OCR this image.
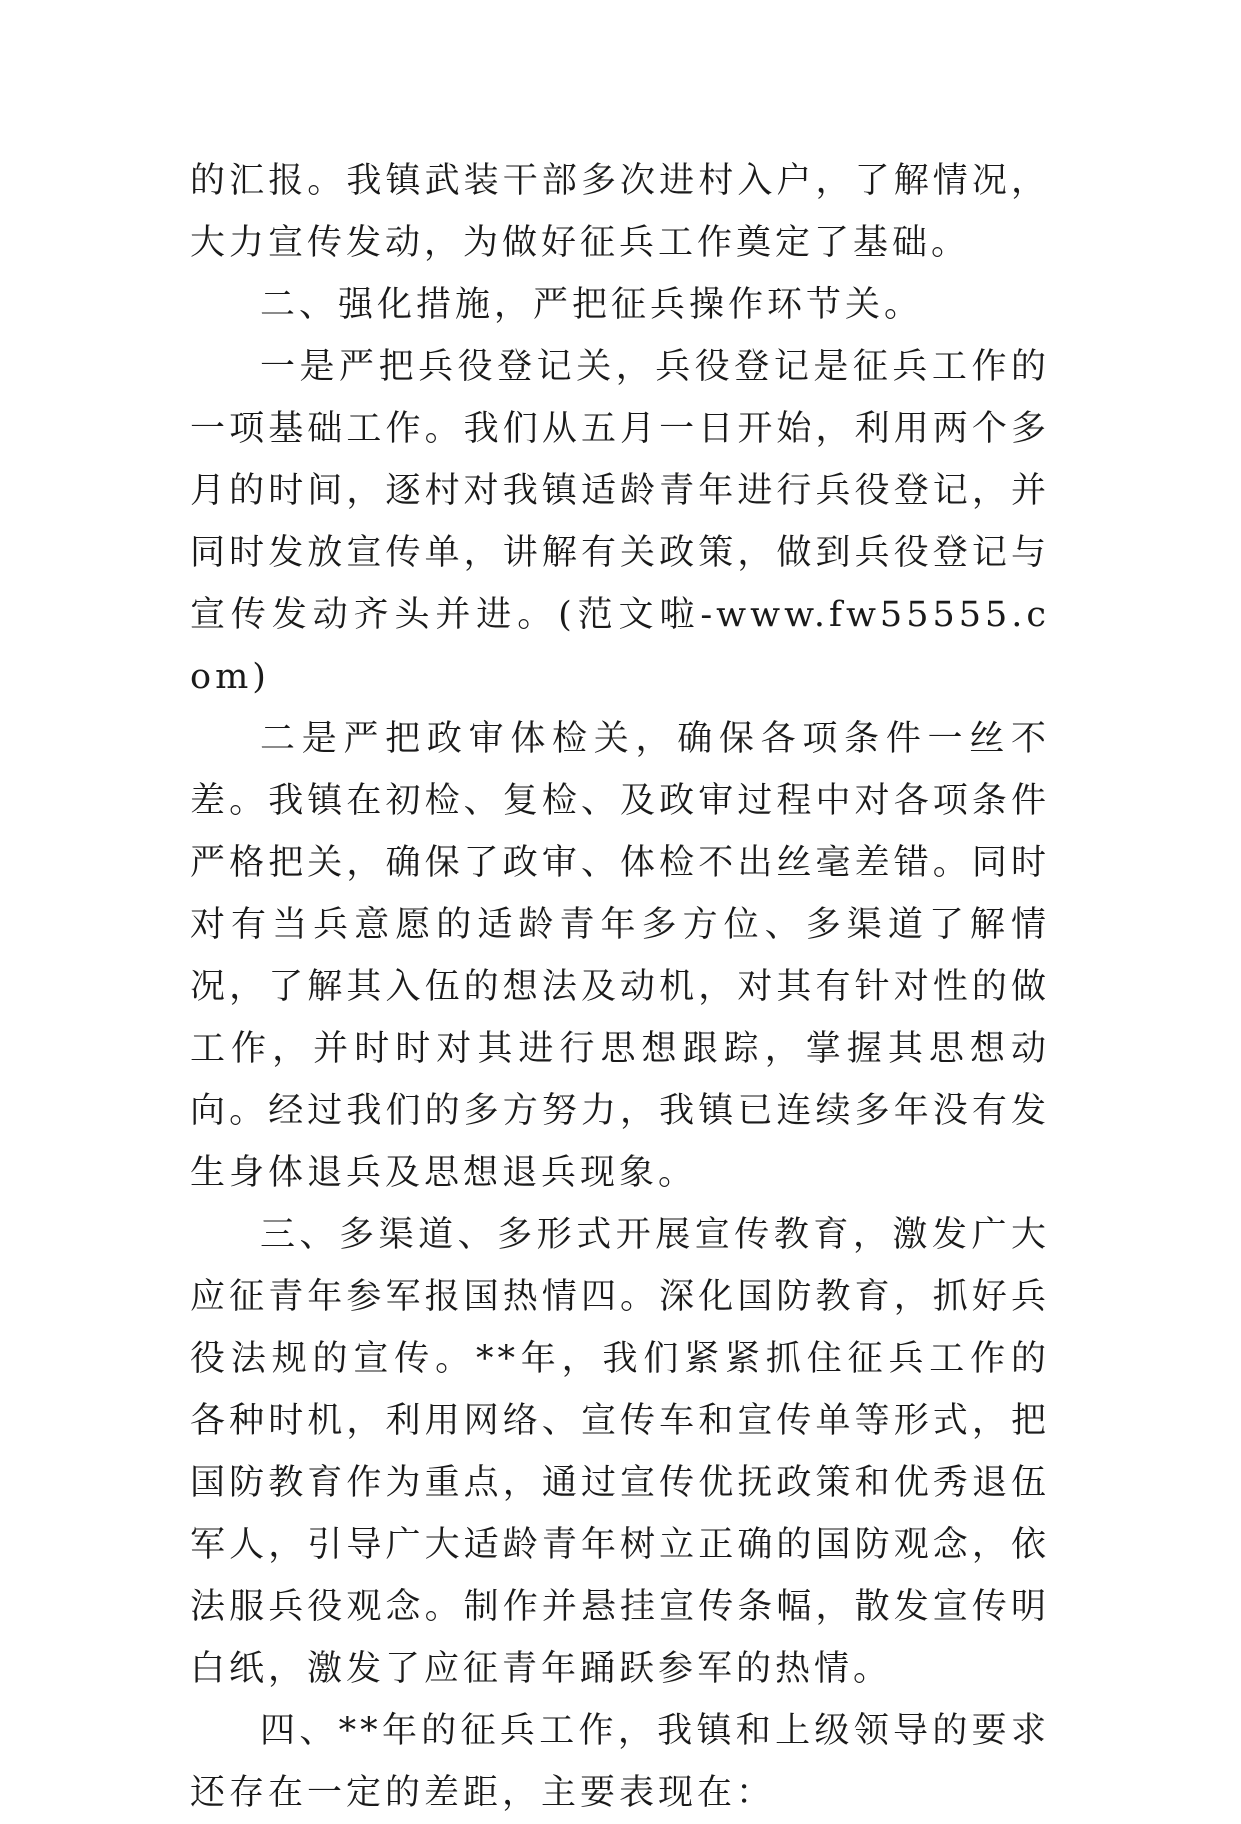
的汇报。我镇武装干部多次进村入户，了解情况，大力宣传发动，为做好征兵工作奠定了基础。

二、强化措施，严把征兵操作环节关。

一是严把兵役登记关，兵役登记是征兵工作的一项基础工作。我们从五月一日开始，利用两个多月的时间，逐村对我镇适龄青年进行兵役登记，并同时发放宣传单，讲解有关政策，做到兵役登记与宣传发动齐头并进。(范文啦-www.fw55555.com)

二是严把政审体检关，确保各项条件一丝不差。我镇在初检、复检、及政审过程中对各项条件严格把关，确保了政审、体检不出丝毫差错。同时对有当兵意愿的适龄青年多方位、多渠道了解情况，了解其入伍的想法及动机，对其有针对性的做工作，并时时对其进行思想跟踪，掌握其思想动向。经过我们的多方努力，我镇已连续多年没有发生身体退兵及思想退兵现象。

三、多渠道、多形式开展宣传教育，激发广大应征青年参军报国热情四。深化国防教育，抓好兵役法规的宣传。**年，我们紧紧抓住征兵工作的各种时机，利用网络、宣传车和宣传单等形式，把国防教育作为重点，通过宣传优抚政策和优秀退伍军人，引导广大适龄青年树立正确的国防观念，依法服兵役观念。制作并悬挂宣传条幅，散发宣传明白纸，激发了应征青年踊跃参军的热情。

四、**年的征兵工作，我镇和上级领导的要求还存在一定的差距，主要表现在：
